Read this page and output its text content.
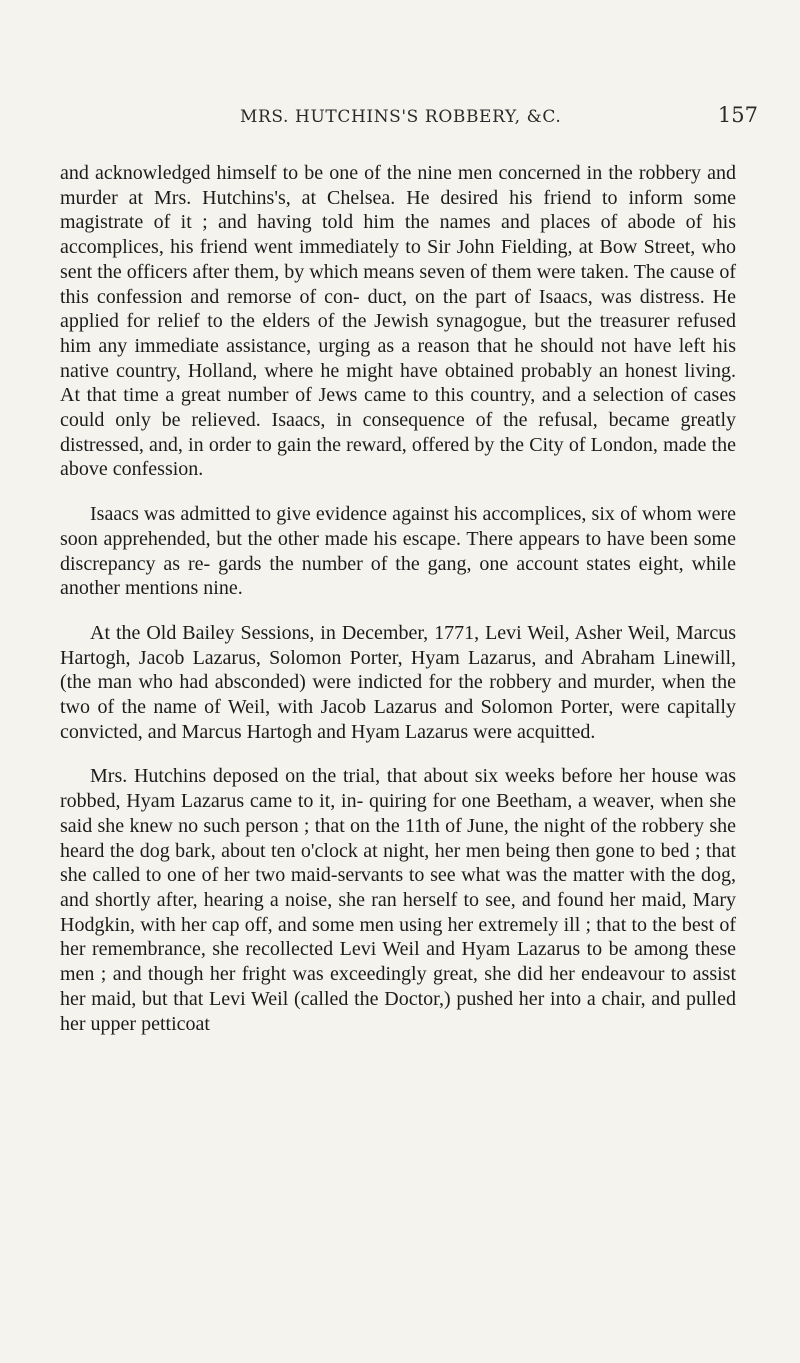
MRS. HUTCHINS'S ROBBERY, &C.	157

and acknowledged himself to be one of the nine men concerned in the robbery and murder at Mrs. Hutchins's, at Chelsea. He desired his friend to inform some magistrate of it ; and having told him the names and places of abode of his accomplices, his friend went immediately to Sir John Fielding, at Bow Street, who sent the officers after them, by which means seven of them were taken. The cause of this confession and remorse of con- duct, on the part of Isaacs, was distress. He applied for relief to the elders of the Jewish synagogue, but the treasurer refused him any immediate assistance, urging as a reason that he should not have left his native country, Holland, where he might have obtained probably an honest living. At that time a great number of Jews came to this country, and a selection of cases could only be relieved. Isaacs, in consequence of the refusal, became greatly distressed, and, in order to gain the reward, offered by the City of London, made the above confession.

Isaacs was admitted to give evidence against his accomplices, six of whom were soon apprehended, but the other made his escape. There appears to have been some discrepancy as re- gards the number of the gang, one account states eight, while another mentions nine.

At the Old Bailey Sessions, in December, 1771, Levi Weil, Asher Weil, Marcus Hartogh, Jacob Lazarus, Solomon Porter, Hyam Lazarus, and Abraham Linewill, (the man who had absconded) were indicted for the robbery and murder, when the two of the name of Weil, with Jacob Lazarus and Solomon Porter, were capitally convicted, and Marcus Hartogh and Hyam Lazarus were acquitted.

Mrs. Hutchins deposed on the trial, that about six weeks before her house was robbed, Hyam Lazarus came to it, in- quiring for one Beetham, a weaver, when she said she knew no such person ; that on the 11th of June, the night of the robbery she heard the dog bark, about ten o'clock at night, her men being then gone to bed ; that she called to one of her two maid-servants to see what was the matter with the dog, and shortly after, hearing a noise, she ran herself to see, and found her maid, Mary Hodgkin, with her cap off, and some men using her extremely ill ; that to the best of her remembrance, she recollected Levi Weil and Hyam Lazarus to be among these men ; and though her fright was exceedingly great, she did her endeavour to assist her maid, but that Levi Weil (called the Doctor,) pushed her into a chair, and pulled her upper petticoat
